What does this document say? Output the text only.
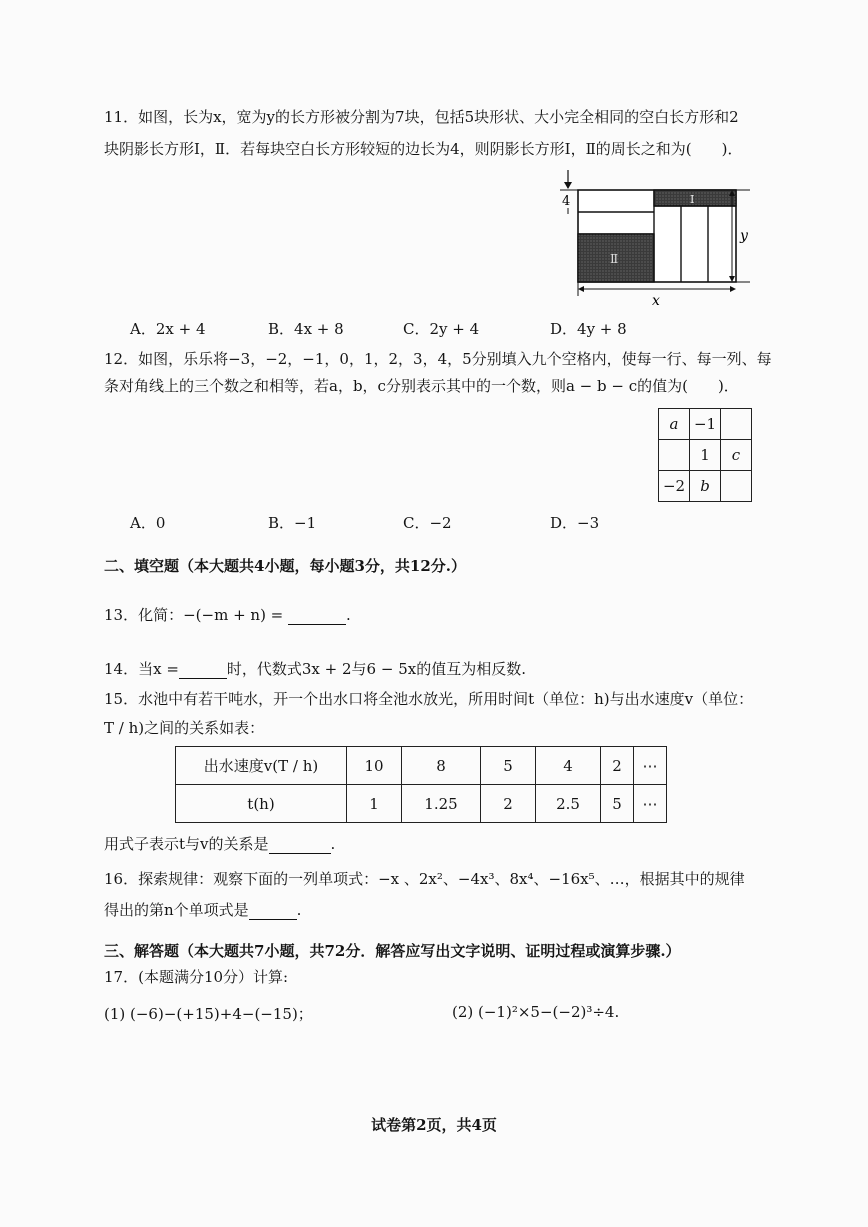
11．如图，长为x，宽为y的长方形被分割为7块，包括5块形状、大小完全相同的空白长方形和2
块阴影长方形Ⅰ，Ⅱ．若每块空白长方形较短的边长为4，则阴影长方形Ⅰ，Ⅱ的周长之和为(　　)．
Ⅰ
Ⅱ
4
y
x
A．2x + 4	B．4x + 8	C．2y + 4	D．4y + 8
12．如图，乐乐将−3，−2，−1，0，1，2，3，4，5分别填入九个空格内，使每一行、每一列、每
条对角线上的三个数之和相等，若a，b，c分别表示其中的一个数，则a − b − c的值为(　　)．
a	−1	
	1	c
−2	b	
A．0	B．−1	C．−2	D．−3
二、填空题（本大题共4小题，每小题3分，共12分.）
13．化简：−(−m + n) =	.
14．当x =	时，代数式3x + 2与6 − 5x的值互为相反数.
15．水池中有若干吨水，开一个出水口将全池水放光，所用时间t（单位：h)与出水速度v（单位：
T / h)之间的关系如表：
出水速度v(T / h)	10	8	5	4	2	⋯
t(h)	1	1.25	2	2.5	5	⋯
用式子表示t与v的关系是	.
16．探索规律：观察下面的一列单项式：−x 、2x²、−4x³、8x⁴、−16x⁵、…，根据其中的规律
得出的第n个单项式是	.
三、解答题（本大题共7小题，共72分．解答应写出文字说明、证明过程或演算步骤.）
17．(本题满分10分）计算:
(1) (−6)−(+15)+4−(−15)；	(2) (−1)²×5−(−2)³÷4.
试卷第2页，共4页
